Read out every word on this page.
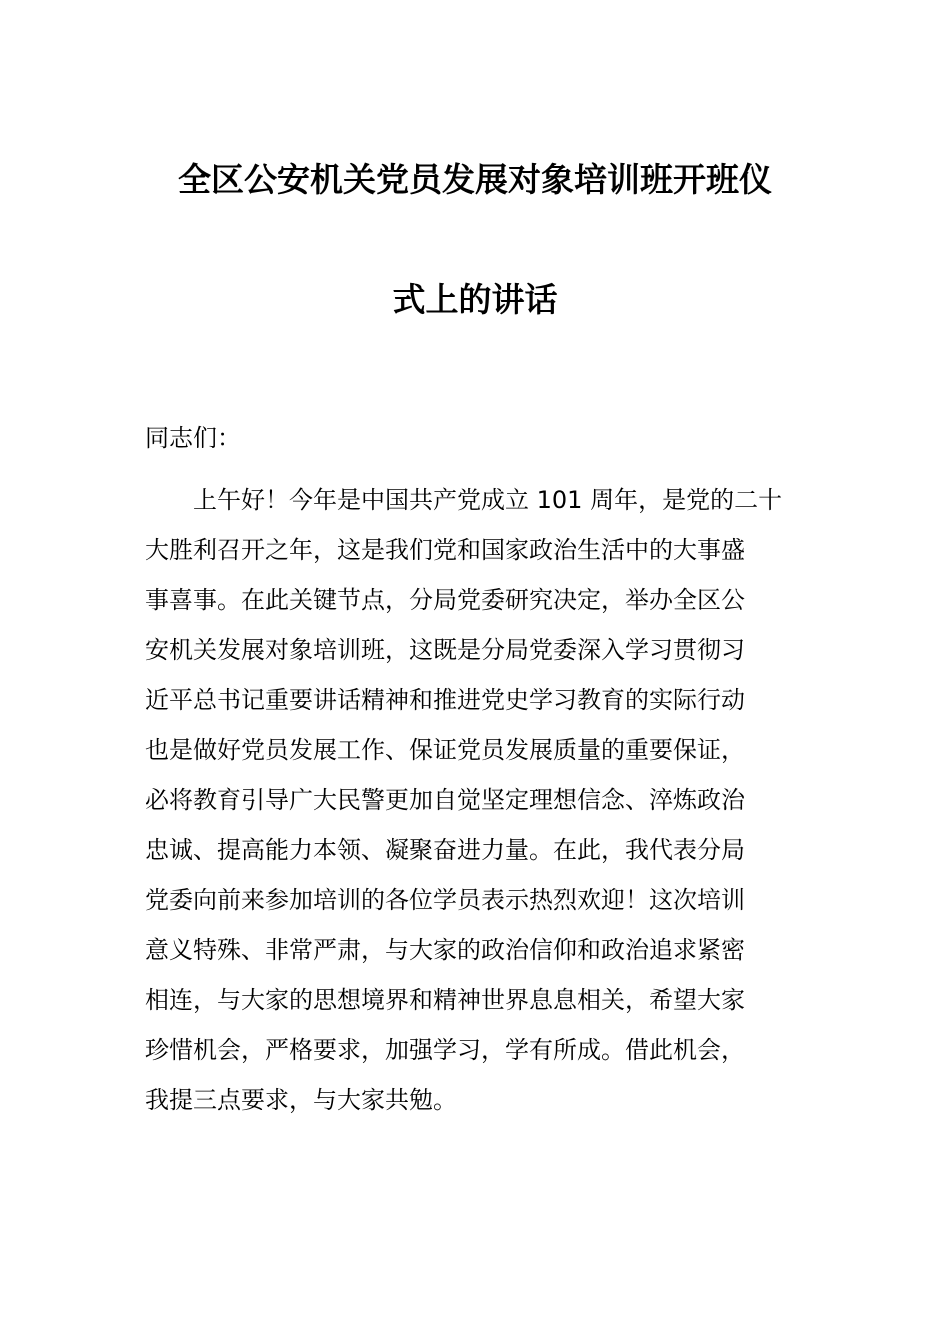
全区公安机关党员发展对象培训班开班仪
式上的讲话
同志们：
　　上午好！今年是中国共产党成立 101 周年，是党的二十
大胜利召开之年，这是我们党和国家政治生活中的大事盛
事喜事。在此关键节点，分局党委研究决定，举办全区公
安机关发展对象培训班，这既是分局党委深入学习贯彻习
近平总书记重要讲话精神和推进党史学习教育的实际行动
也是做好党员发展工作、保证党员发展质量的重要保证，
必将教育引导广大民警更加自觉坚定理想信念、淬炼政治
忠诚、提高能力本领、凝聚奋进力量。在此，我代表分局
党委向前来参加培训的各位学员表示热烈欢迎！这次培训
意义特殊、非常严肃，与大家的政治信仰和政治追求紧密
相连，与大家的思想境界和精神世界息息相关，希望大家
珍惜机会，严格要求，加强学习，学有所成。借此机会，
我提三点要求，与大家共勉。
